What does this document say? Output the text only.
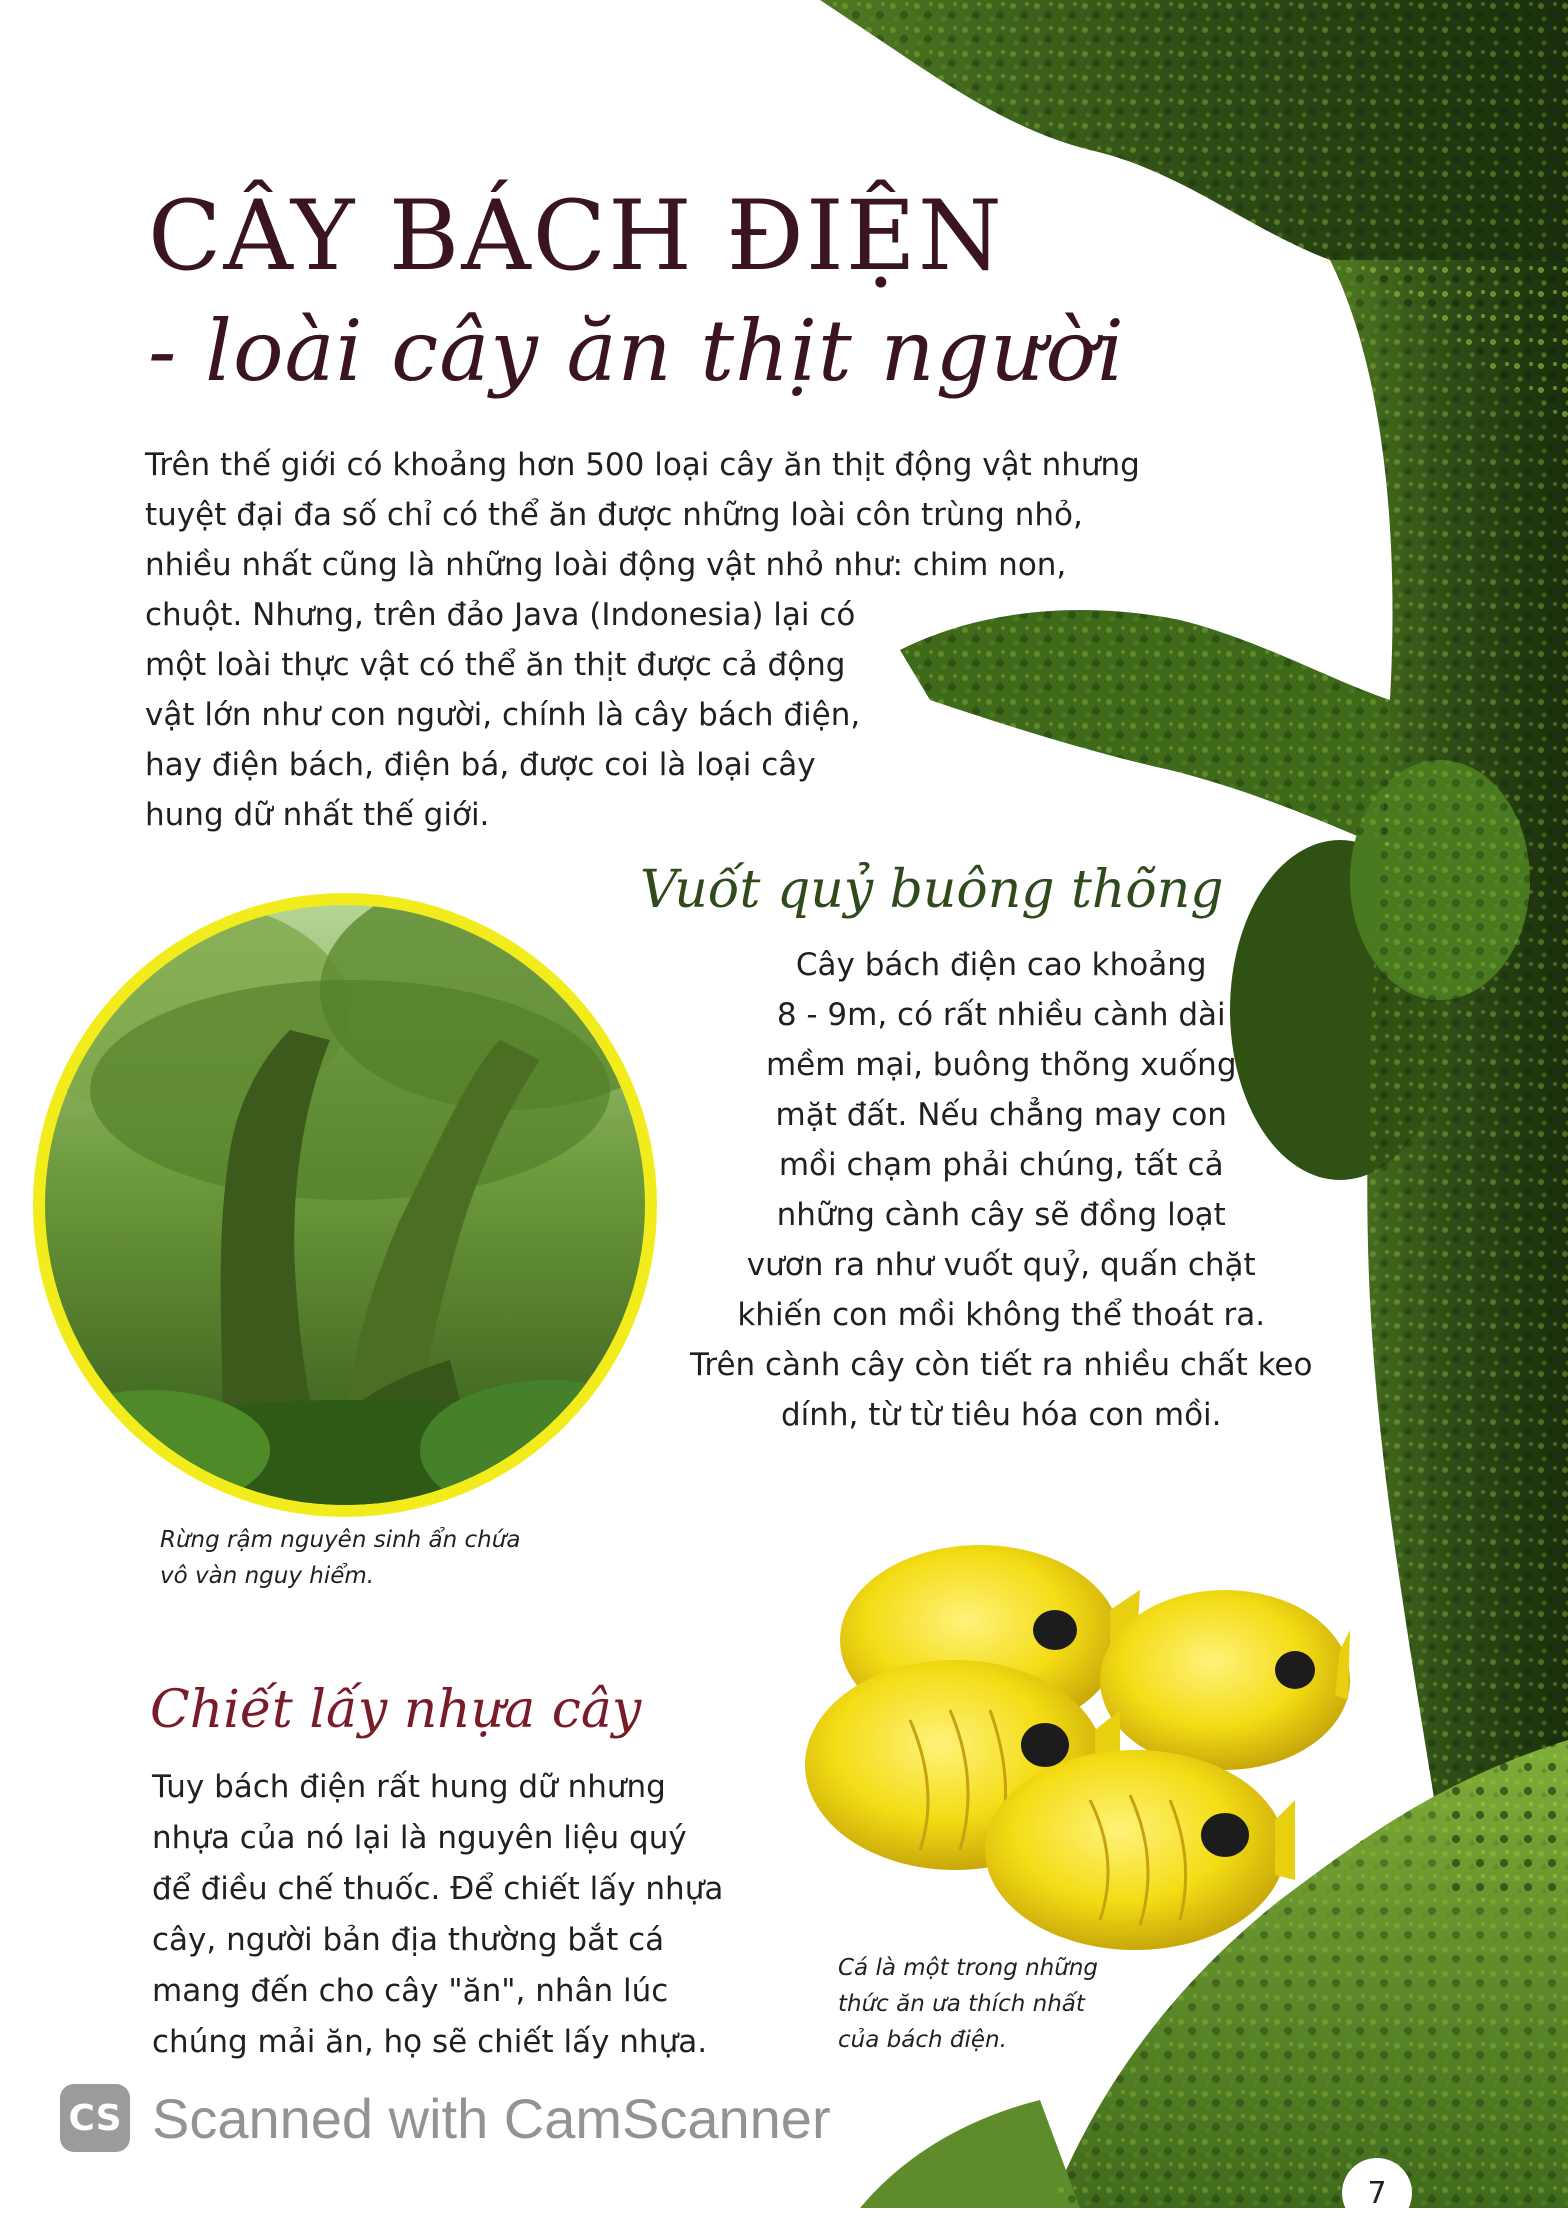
CÂY BÁCH ĐIỆN
- loài cây ăn thịt người
Trên thế giới có khoảng hơn 500 loại cây ăn thịt động vật nhưng
tuyệt đại đa số chỉ có thể ăn được những loài côn trùng nhỏ,
nhiều nhất cũng là những loài động vật nhỏ như: chim non,
chuột. Nhưng, trên đảo Java (Indonesia) lại có
một loài thực vật có thể ăn thịt được cả động
vật lớn như con người, chính là cây bách điện,
hay điện bách, điện bá, được coi là loại cây
hung dữ nhất thế giới.
Vuốt quỷ buông thõng
Cây bách điện cao khoảng
8 - 9m, có rất nhiều cành dài
mềm mại, buông thõng xuống
mặt đất. Nếu chẳng may con
mồi chạm phải chúng, tất cả
những cành cây sẽ đồng loạt
vươn ra như vuốt quỷ, quấn chặt
khiến con mồi không thể thoát ra.
Trên cành cây còn tiết ra nhiều chất keo
dính, từ từ tiêu hóa con mồi.
Rừng rậm nguyên sinh ẩn chứa
vô vàn nguy hiểm.
Chiết lấy nhựa cây
Tuy bách điện rất hung dữ nhưng
nhựa của nó lại là nguyên liệu quý
để điều chế thuốc. Để chiết lấy nhựa
cây, người bản địa thường bắt cá
mang đến cho cây "ăn", nhân lúc
chúng mải ăn, họ sẽ chiết lấy nhựa.
Cá là một trong những
thức ăn ưa thích nhất
của bách điện.
7
CS Scanned with CamScanner
